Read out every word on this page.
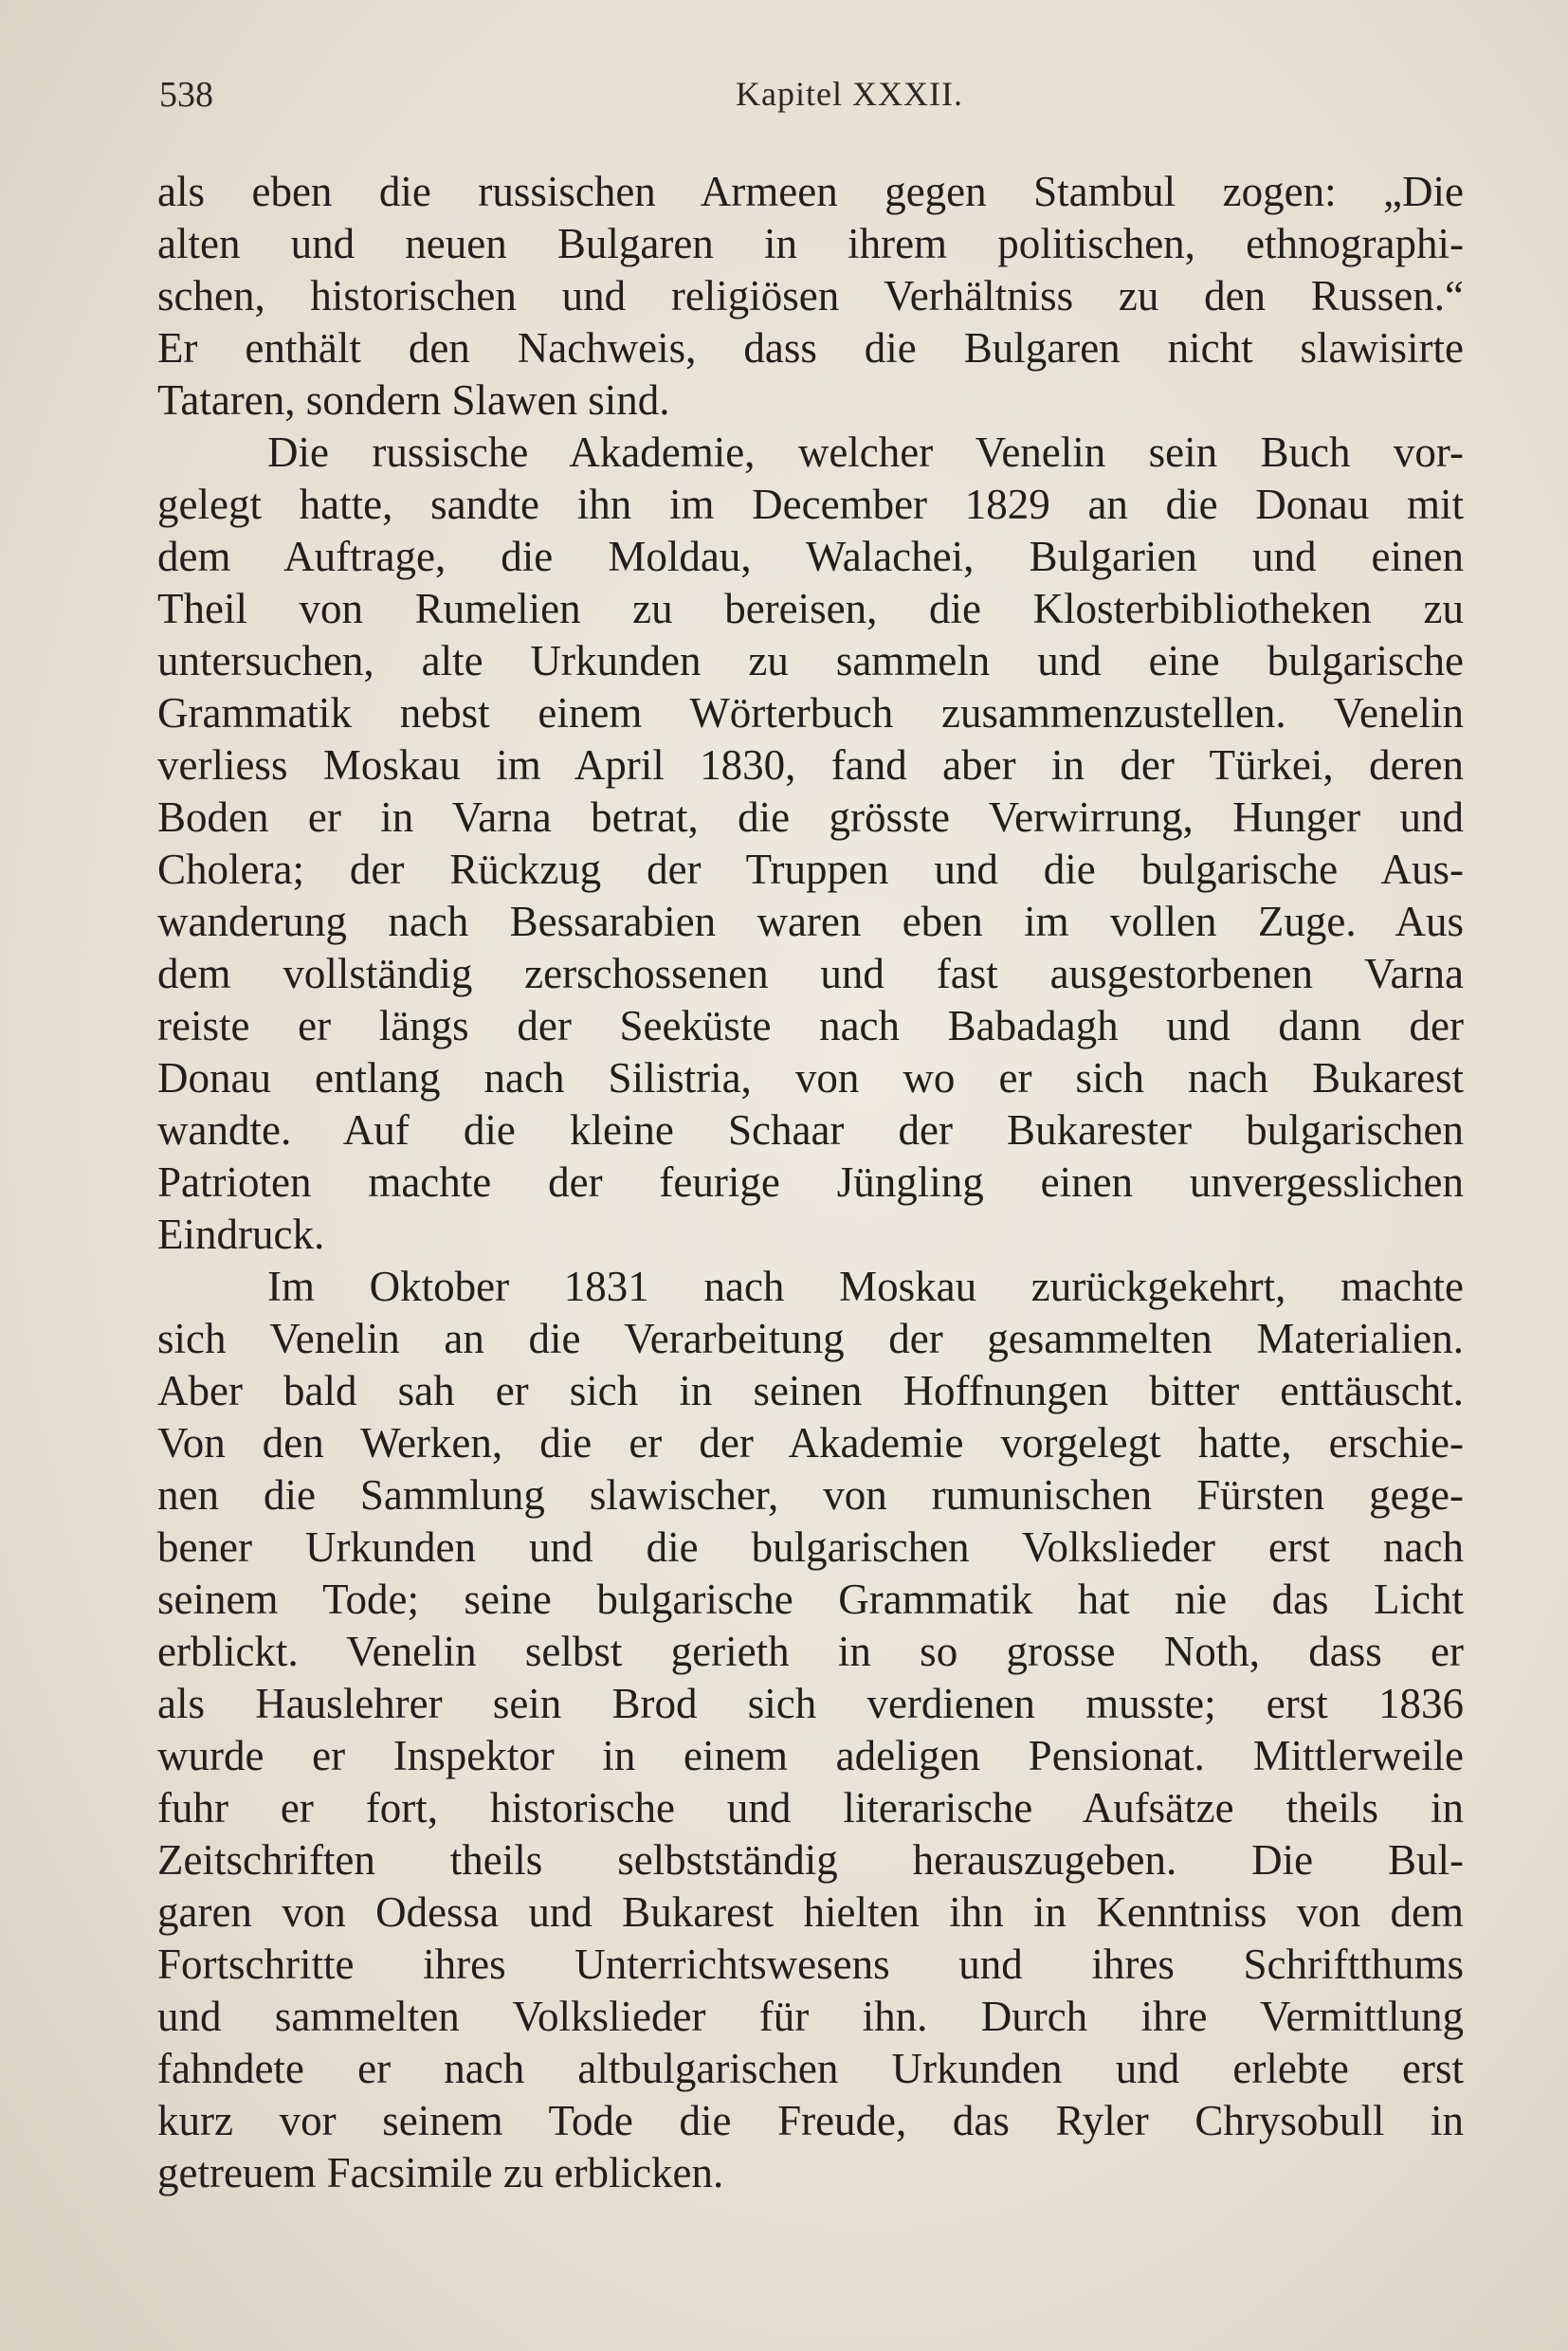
538	Kapitel XXXII.
als eben die russischen Armeen gegen Stambul zogen: „Die
alten und neuen Bulgaren in ihrem politischen, ethnographi-
schen, historischen und religiösen Verhältniss zu den Russen.“
Er enthält den Nachweis, dass die Bulgaren nicht slawisirte
Tataren, sondern Slawen sind.
Die russische Akademie, welcher Venelin sein Buch vor-
gelegt hatte, sandte ihn im December 1829 an die Donau mit
dem Auftrage, die Moldau, Walachei, Bulgarien und einen
Theil von Rumelien zu bereisen, die Klosterbibliotheken zu
untersuchen, alte Urkunden zu sammeln und eine bulgarische
Grammatik nebst einem Wörterbuch zusammenzustellen. Venelin
verliess Moskau im April 1830, fand aber in der Türkei, deren
Boden er in Varna betrat, die grösste Verwirrung, Hunger und
Cholera; der Rückzug der Truppen und die bulgarische Aus-
wanderung nach Bessarabien waren eben im vollen Zuge. Aus
dem vollständig zerschossenen und fast ausgestorbenen Varna
reiste er längs der Seeküste nach Babadagh und dann der
Donau entlang nach Silistria, von wo er sich nach Bukarest
wandte. Auf die kleine Schaar der Bukarester bulgarischen
Patrioten machte der feurige Jüngling einen unvergesslichen
Eindruck.
Im Oktober 1831 nach Moskau zurückgekehrt, machte
sich Venelin an die Verarbeitung der gesammelten Materialien.
Aber bald sah er sich in seinen Hoffnungen bitter enttäuscht.
Von den Werken, die er der Akademie vorgelegt hatte, erschie-
nen die Sammlung slawischer, von rumunischen Fürsten gege-
bener Urkunden und die bulgarischen Volkslieder erst nach
seinem Tode; seine bulgarische Grammatik hat nie das Licht
erblickt. Venelin selbst gerieth in so grosse Noth, dass er
als Hauslehrer sein Brod sich verdienen musste; erst 1836
wurde er Inspektor in einem adeligen Pensionat. Mittlerweile
fuhr er fort, historische und literarische Aufsätze theils in
Zeitschriften theils selbstständig herauszugeben. Die Bul-
garen von Odessa und Bukarest hielten ihn in Kenntniss von dem
Fortschritte ihres Unterrichtswesens und ihres Schriftthums
und sammelten Volkslieder für ihn. Durch ihre Vermittlung
fahndete er nach altbulgarischen Urkunden und erlebte erst
kurz vor seinem Tode die Freude, das Ryler Chrysobull in
getreuem Facsimile zu erblicken.
